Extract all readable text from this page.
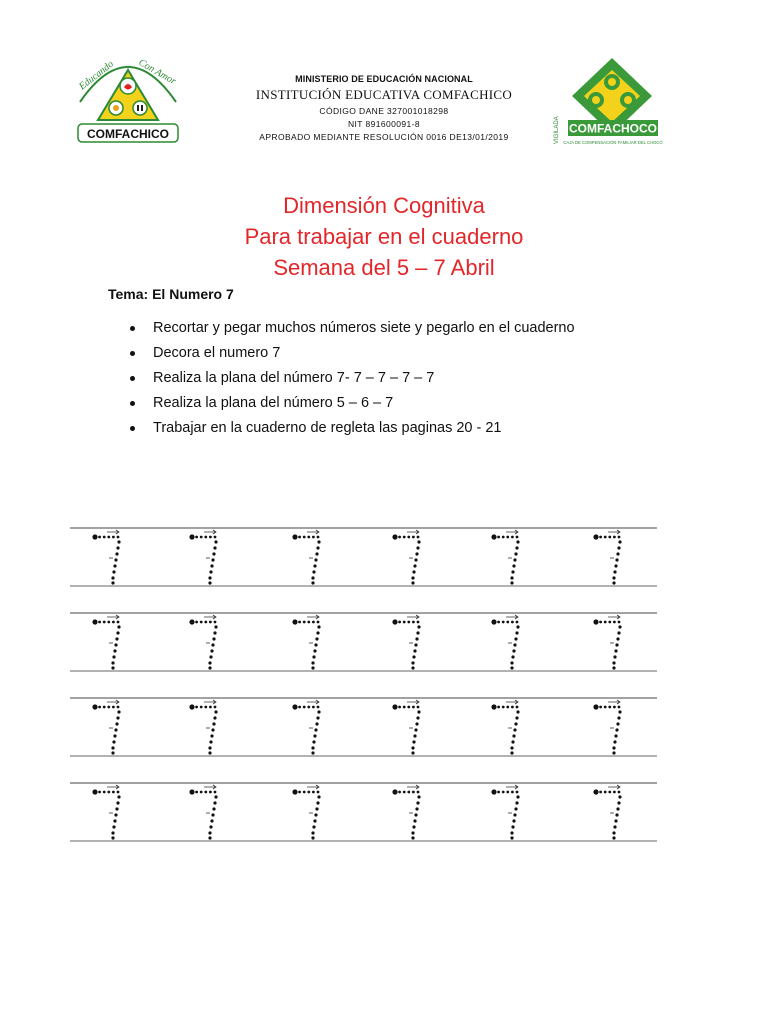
Educando Con Amor
COMFACHICO
MINISTERIO DE EDUCACIÓN NACIONAL
INSTITUCIÓN EDUCATIVA COMFACHICO
CÓDIGO DANE 327001018298
NIT 891600091-8
APROBADO MEDIANTE RESOLUCIÓN 0016 DE13/01/2019	VIGILADA COMFACHOCO
CAJA DE COMPENSACIÓN FAMILIAR DEL CHOCÓ
Dimensión Cognitiva
Para trabajar en el cuaderno
Semana del 5 – 7 Abril
Tema: El Numero 7
Recortar y pegar muchos números siete y pegarlo en el cuaderno
Decora el numero 7
Realiza la plana del número 7- 7 – 7 – 7 – 7
Realiza la plana del número 5 – 6 – 7
Trabajar en la cuaderno de regleta las paginas 20 - 21
